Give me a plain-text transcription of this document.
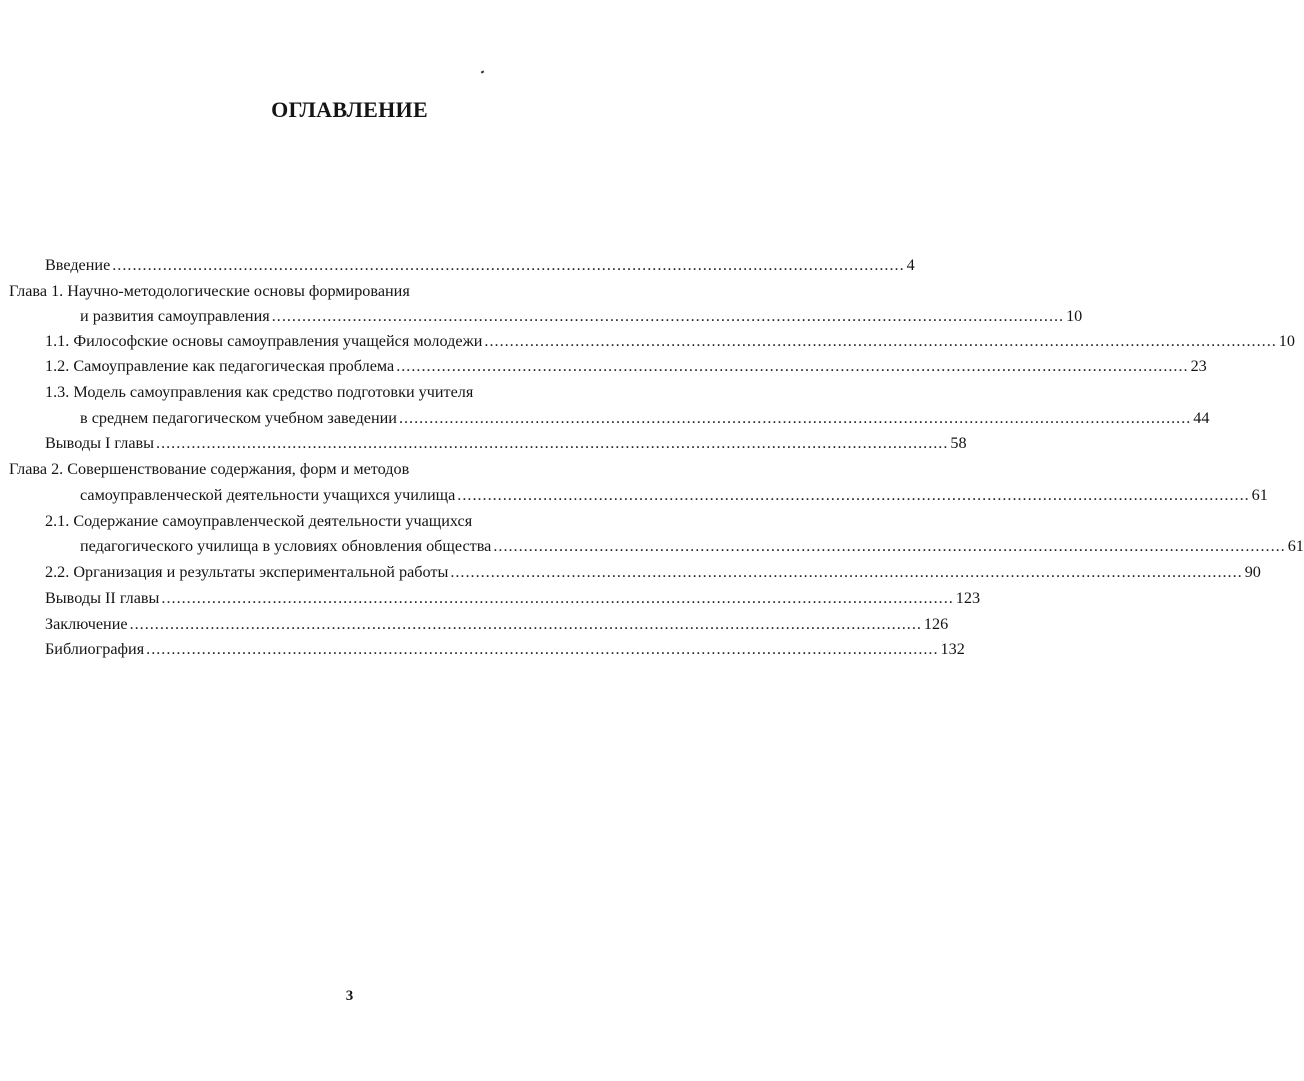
ОГЛАВЛЕНИЕ
Введение ............................................................................................................................................................. 4
Глава 1. Научно-методологические основы формирования
и развития самоуправления ............................................................................................................................................................. 10
1.1. Философские основы самоуправления учащейся молодежи ............................................................................................................................................................. 10
1.2. Самоуправление как педагогическая проблема ............................................................................................................................................................. 23
1.3. Модель самоуправления как средство подготовки учителя
в среднем педагогическом учебном заведении ............................................................................................................................................................. 44
Выводы I главы ............................................................................................................................................................. 58
Глава 2. Совершенствование содержания, форм и методов
самоуправленческой деятельности учащихся училища ............................................................................................................................................................. 61
2.1. Содержание самоуправленческой деятельности учащихся
педагогического училища в условиях обновления общества ............................................................................................................................................................. 61
2.2. Организация и результаты экспериментальной работы ............................................................................................................................................................. 90
Выводы II главы ............................................................................................................................................................. 123
Заключение ............................................................................................................................................................. 126
Библиография ............................................................................................................................................................. 132
3
